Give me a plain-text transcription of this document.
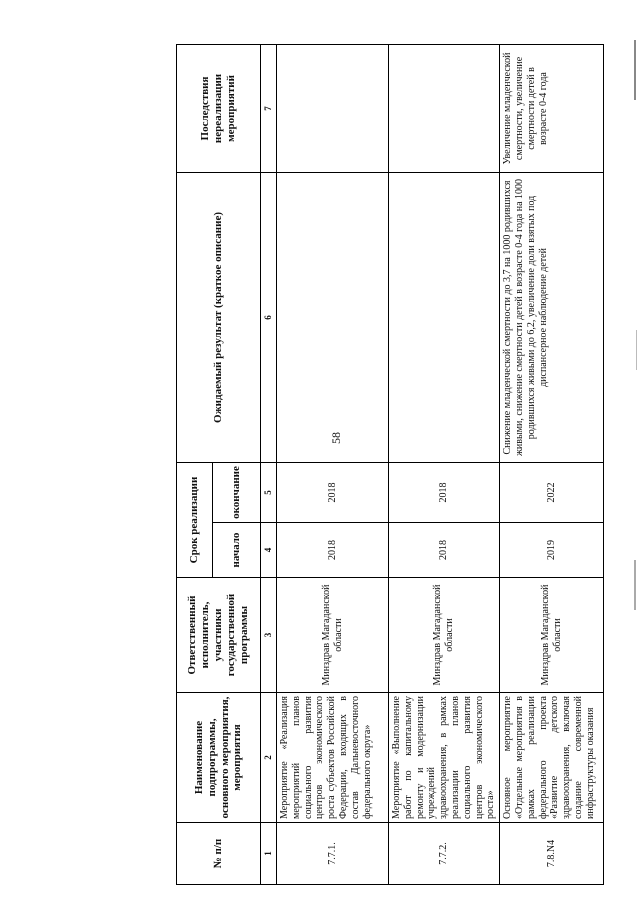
58
№ п/п	Наименование подпрограммы, основного мероприятия, мероприятия	Ответственный исполнитель, участники государственной программы	Срок реализации		Ожидаемый результат (краткое описание)	Последствия нереализации мероприятий
			начало	окончание		
1	2	3	4	5	6	7
7.7.1.	Мероприятие «Реализация мероприятий планов социального развития центров экономического роста субъектов Российской Федерации, входящих в состав Дальневосточного федерального округа»	Минздрав Магаданской области	2018	2018		
7.7.2.	Мероприятие «Выполнение работ по капитальному ремонту и модернизации учреждений здравоохранения, в рамках реализации планов социального развития центров экономического роста»	Минздрав Магаданской области	2018	2018		
7.8.N4	Основное мероприятие «Отдельные мероприятия в рамках реализации федерального проекта «Развитие детского здравоохранения, включая создание современной инфраструктуры оказания	Минздрав Магаданской области	2019	2022	Снижение младенческой смертности до 3,7 на 1000 родившихся живыми, снижение смертности детей в возрасте 0-4 года на 1000 родившихся живыми до 6,2, увеличение доли взятых под диспансерное наблюдение детей	Увеличение младенческой смертности, увеличение смертности детей в возрасте 0-4 года
